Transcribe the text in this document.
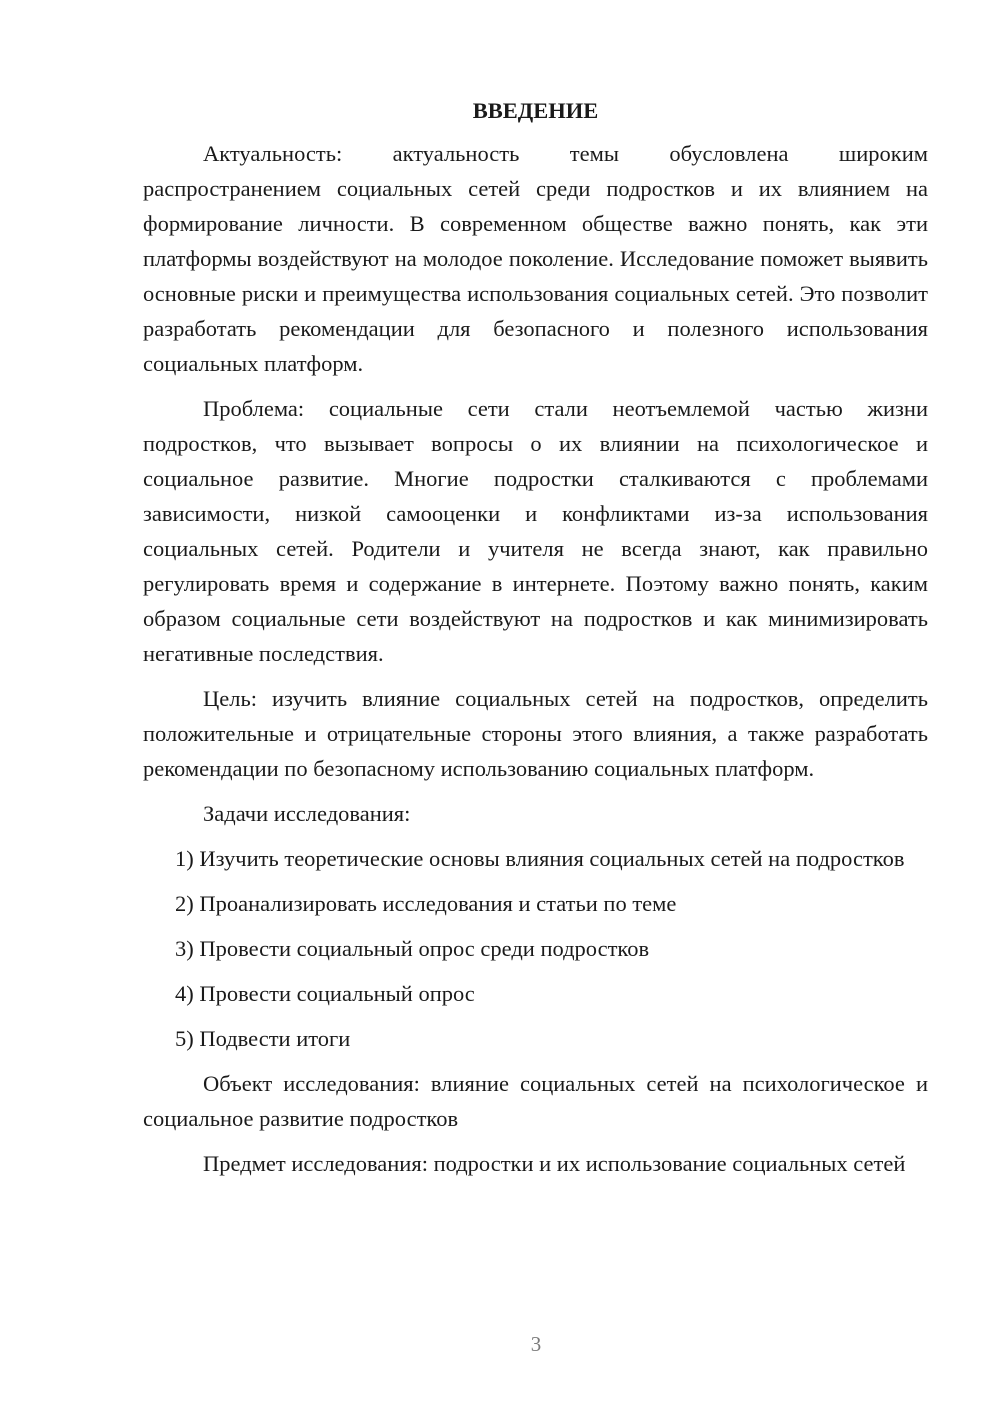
ВВЕДЕНИЕ

Актуальность: актуальность темы обусловлена широким распространением социальных сетей среди подростков и их влиянием на формирование личности. В современном обществе важно понять, как эти платформы воздействуют на молодое поколение. Исследование поможет выявить основные риски и преимущества использования социальных сетей. Это позволит разработать рекомендации для безопасного и полезного использования социальных платформ.

Проблема: социальные сети стали неотъемлемой частью жизни подростков, что вызывает вопросы о их влиянии на психологическое и социальное развитие. Многие подростки сталкиваются с проблемами зависимости, низкой самооценки и конфликтами из-за использования социальных сетей. Родители и учителя не всегда знают, как правильно регулировать время и содержание в интернете. Поэтому важно понять, каким образом социальные сети воздействуют на подростков и как минимизировать негативные последствия.

Цель: изучить влияние социальных сетей на подростков, определить положительные и отрицательные стороны этого влияния, а также разработать рекомендации по безопасному использованию социальных платформ.

Задачи исследования:

1) Изучить теоретические основы влияния социальных сетей на подростков

2) Проанализировать исследования и статьи по теме

3) Провести социальный опрос среди подростков

4) Провести социальный опрос

5) Подвести итоги

Объект исследования: влияние социальных сетей на психологическое и социальное развитие подростков

Предмет исследования: подростки и их использование социальных сетей

3
